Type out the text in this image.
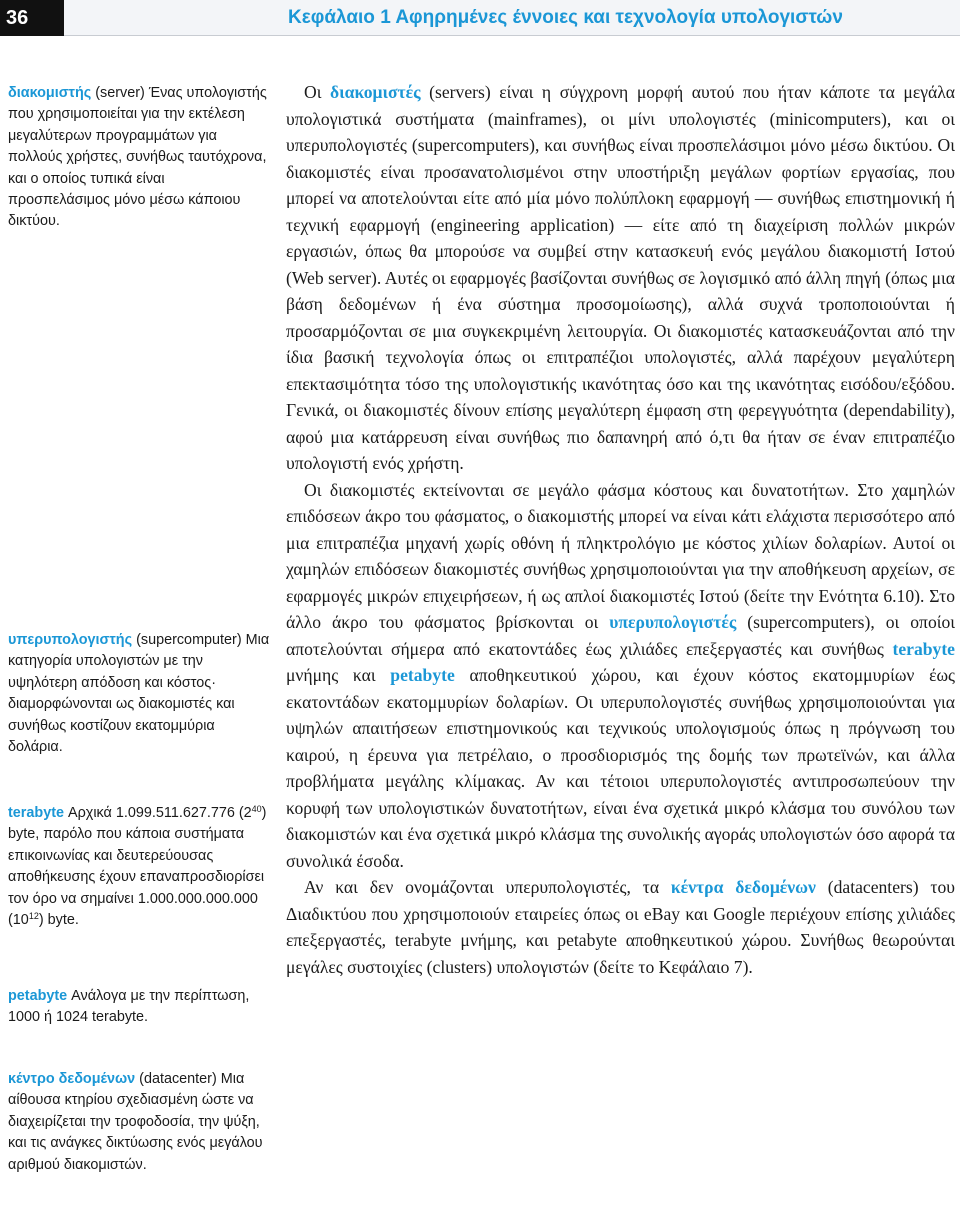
36	Κεφάλαιο 1 Αφηρημένες έννοιες και τεχνολογία υπολογιστών
διακομιστής (server) Ένας υπολογιστής που χρησιμοποιείται για την εκτέλεση μεγαλύτερων προγραμμάτων για πολλούς χρήστες, συνήθως ταυτόχρονα, και ο οποίος τυπικά είναι προσπελάσιμος μόνο μέσω κάποιου δικτύου.
υπερυπολογιστής (supercomputer) Μια κατηγορία υπολογιστών με την υψηλότερη απόδοση και κόστος· διαμορφώνονται ως διακομιστές και συνήθως κοστίζουν εκατομμύρια δολάρια.
terabyte Αρχικά 1.099.511.627.776 $(2^{40})$ byte, παρόλο που κάποια συστήματα επικοινωνίας και δευτερεύουσας αποθήκευσης έχουν επαναπροσδιορίσει τον όρο να σημαίνει 1.000.000.000.000 $(10^{12})$ byte.
petabyte Ανάλογα με την περίπτωση, 1000 ή 1024 terabyte.
κέντρο δεδομένων (datacenter) Μια αίθουσα κτηρίου σχεδιασμένη ώστε να διαχειρίζεται την τροφοδοσία, την ψύξη, και τις ανάγκες δικτύωσης ενός μεγάλου αριθμού διακομιστών.

Οι διακομιστές (servers) είναι η σύγχρονη μορφή αυτού που ήταν κάποτε τα μεγάλα υπολογιστικά συστήματα (mainframes), οι μίνι υπολογιστές (minicomputers), και οι υπερυπολογιστές (supercomputers), και συνήθως είναι προσπελάσιμοι μόνο μέσω δικτύου. Οι διακομιστές είναι προσανατολισμένοι στην υποστήριξη μεγάλων φορτίων εργασίας, που μπορεί να αποτελούνται είτε από μία μόνο πολύπλοκη εφαρμογή — συνήθως επιστημονική ή τεχνική εφαρμογή (engineering application) — είτε από τη διαχείριση πολλών μικρών εργασιών, όπως θα μπορούσε να συμβεί στην κατασκευή ενός μεγάλου διακομιστή Ιστού (Web server). Αυτές οι εφαρμογές βασίζονται συνήθως σε λογισμικό από άλλη πηγή (όπως μια βάση δεδομένων ή ένα σύστημα προσομοίωσης), αλλά συχνά τροποποιούνται ή προσαρμόζονται σε μια συγκεκριμένη λειτουργία. Οι διακομιστές κατασκευάζονται από την ίδια βασική τεχνολογία όπως οι επιτραπέζιοι υπολογιστές, αλλά παρέχουν μεγαλύτερη επεκτασιμότητα τόσο της υπολογιστικής ικανότητας όσο και της ικανότητας εισόδου/εξόδου. Γενικά, οι διακομιστές δίνουν επίσης μεγαλύτερη έμφαση στη φερεγγυότητα (dependability), αφού μια κατάρρευση είναι συνήθως πιο δαπανηρή από ό,τι θα ήταν σε έναν επιτραπέζιο υπολογιστή ενός χρήστη.

Οι διακομιστές εκτείνονται σε μεγάλο φάσμα κόστους και δυνατοτήτων. Στο χαμηλών επιδόσεων άκρο του φάσματος, ο διακομιστής μπορεί να είναι κάτι ελάχιστα περισσότερο από μια επιτραπέζια μηχανή χωρίς οθόνη ή πληκτρολόγιο με κόστος χιλίων δολαρίων. Αυτοί οι χαμηλών επιδόσεων διακομιστές συνήθως χρησιμοποιούνται για την αποθήκευση αρχείων, σε εφαρμογές μικρών επιχειρήσεων, ή ως απλοί διακομιστές Ιστού (δείτε την Ενότητα 6.10). Στο άλλο άκρο του φάσματος βρίσκονται οι υπερυπολογιστές (supercomputers), οι οποίοι αποτελούνται σήμερα από εκατοντάδες έως χιλιάδες επεξεργαστές και συνήθως terabyte μνήμης και petabyte αποθηκευτικού χώρου, και έχουν κόστος εκατομμυρίων έως εκατοντάδων εκατομμυρίων δολαρίων. Οι υπερυπολογιστές συνήθως χρησιμοποιούνται για υψηλών απαιτήσεων επιστημονικούς και τεχνικούς υπολογισμούς όπως η πρόγνωση του καιρού, η έρευνα για πετρέλαιο, ο προσδιορισμός της δομής των πρωτεϊνών, και άλλα προβλήματα μεγάλης κλίμακας. Αν και τέτοιοι υπερυπολογιστές αντιπροσωπεύουν την κορυφή των υπολογιστικών δυνατοτήτων, είναι ένα σχετικά μικρό κλάσμα του συνόλου των διακομιστών και ένα σχετικά μικρό κλάσμα της συνολικής αγοράς υπολογιστών όσο αφορά τα συνολικά έσοδα.

Αν και δεν ονομάζονται υπερυπολογιστές, τα κέντρα δεδομένων (datacenters) του Διαδικτύου που χρησιμοποιούν εταιρείες όπως οι eBay και Google περιέχουν επίσης χιλιάδες επεξεργαστές, terabyte μνήμης, και petabyte αποθηκευτικού χώρου. Συνήθως θεωρούνται μεγάλες συστοιχίες (clusters) υπολογιστών (δείτε το Κεφάλαιο 7).
